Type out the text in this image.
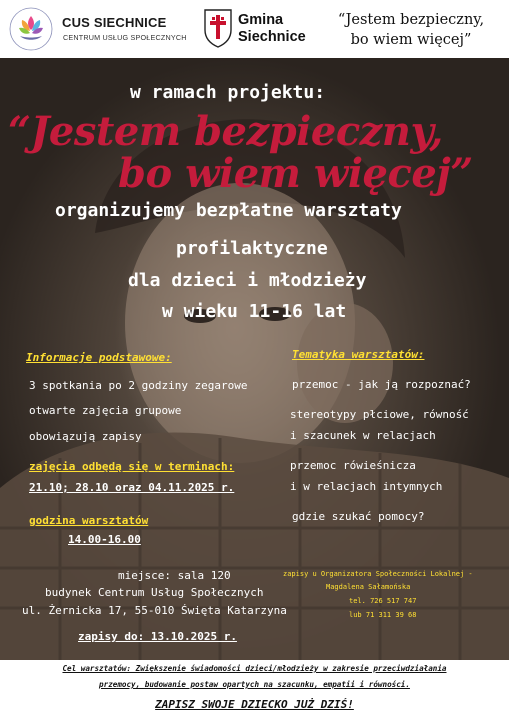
CUS SIECHNICE
CENTRUM USŁUG SPOŁECZNYCH
Gmina
Siechnice
“Jestem bezpieczny,
bo wiem więcej”
w ramach projektu:
“Jestem bezpieczny,
bo wiem więcej”
organizujemy bezpłatne warsztaty
profilaktyczne
dla dzieci i młodzieży
w wieku 11-16 lat
Informacje podstawowe:
3 spotkania po 2 godziny zegarowe
otwarte zajęcia grupowe
obowiązują zapisy
zajęcia odbędą się w terminach:
21.10; 28.10 oraz 04.11.2025 r.
godzina warsztatów
14.00-16.00
miejsce: sala 120
budynek Centrum Usług Społecznych
ul. Żernicka 17, 55-010 Święta Katarzyna
zapisy do: 13.10.2025 r.
Tematyka warsztatów:
przemoc - jak ją rozpoznać?
stereotypy płciowe, równość
i szacunek w relacjach
przemoc rówieśnicza
i w relacjach intymnych
gdzie szukać pomocy?
zapisy u Organizatora Społeczności Lokalnej -
Magdalena Sałamońska
tel. 726 517 747
lub 71 311 39 68
Cel warsztatów: Zwiększenie świadomości dzieci/młodzieży w zakresie przeciwdziałania
przemocy, budowanie postaw opartych na szacunku, empatii i równości.
ZAPISZ SWOJE DZIECKO JUŻ DZIŚ!
